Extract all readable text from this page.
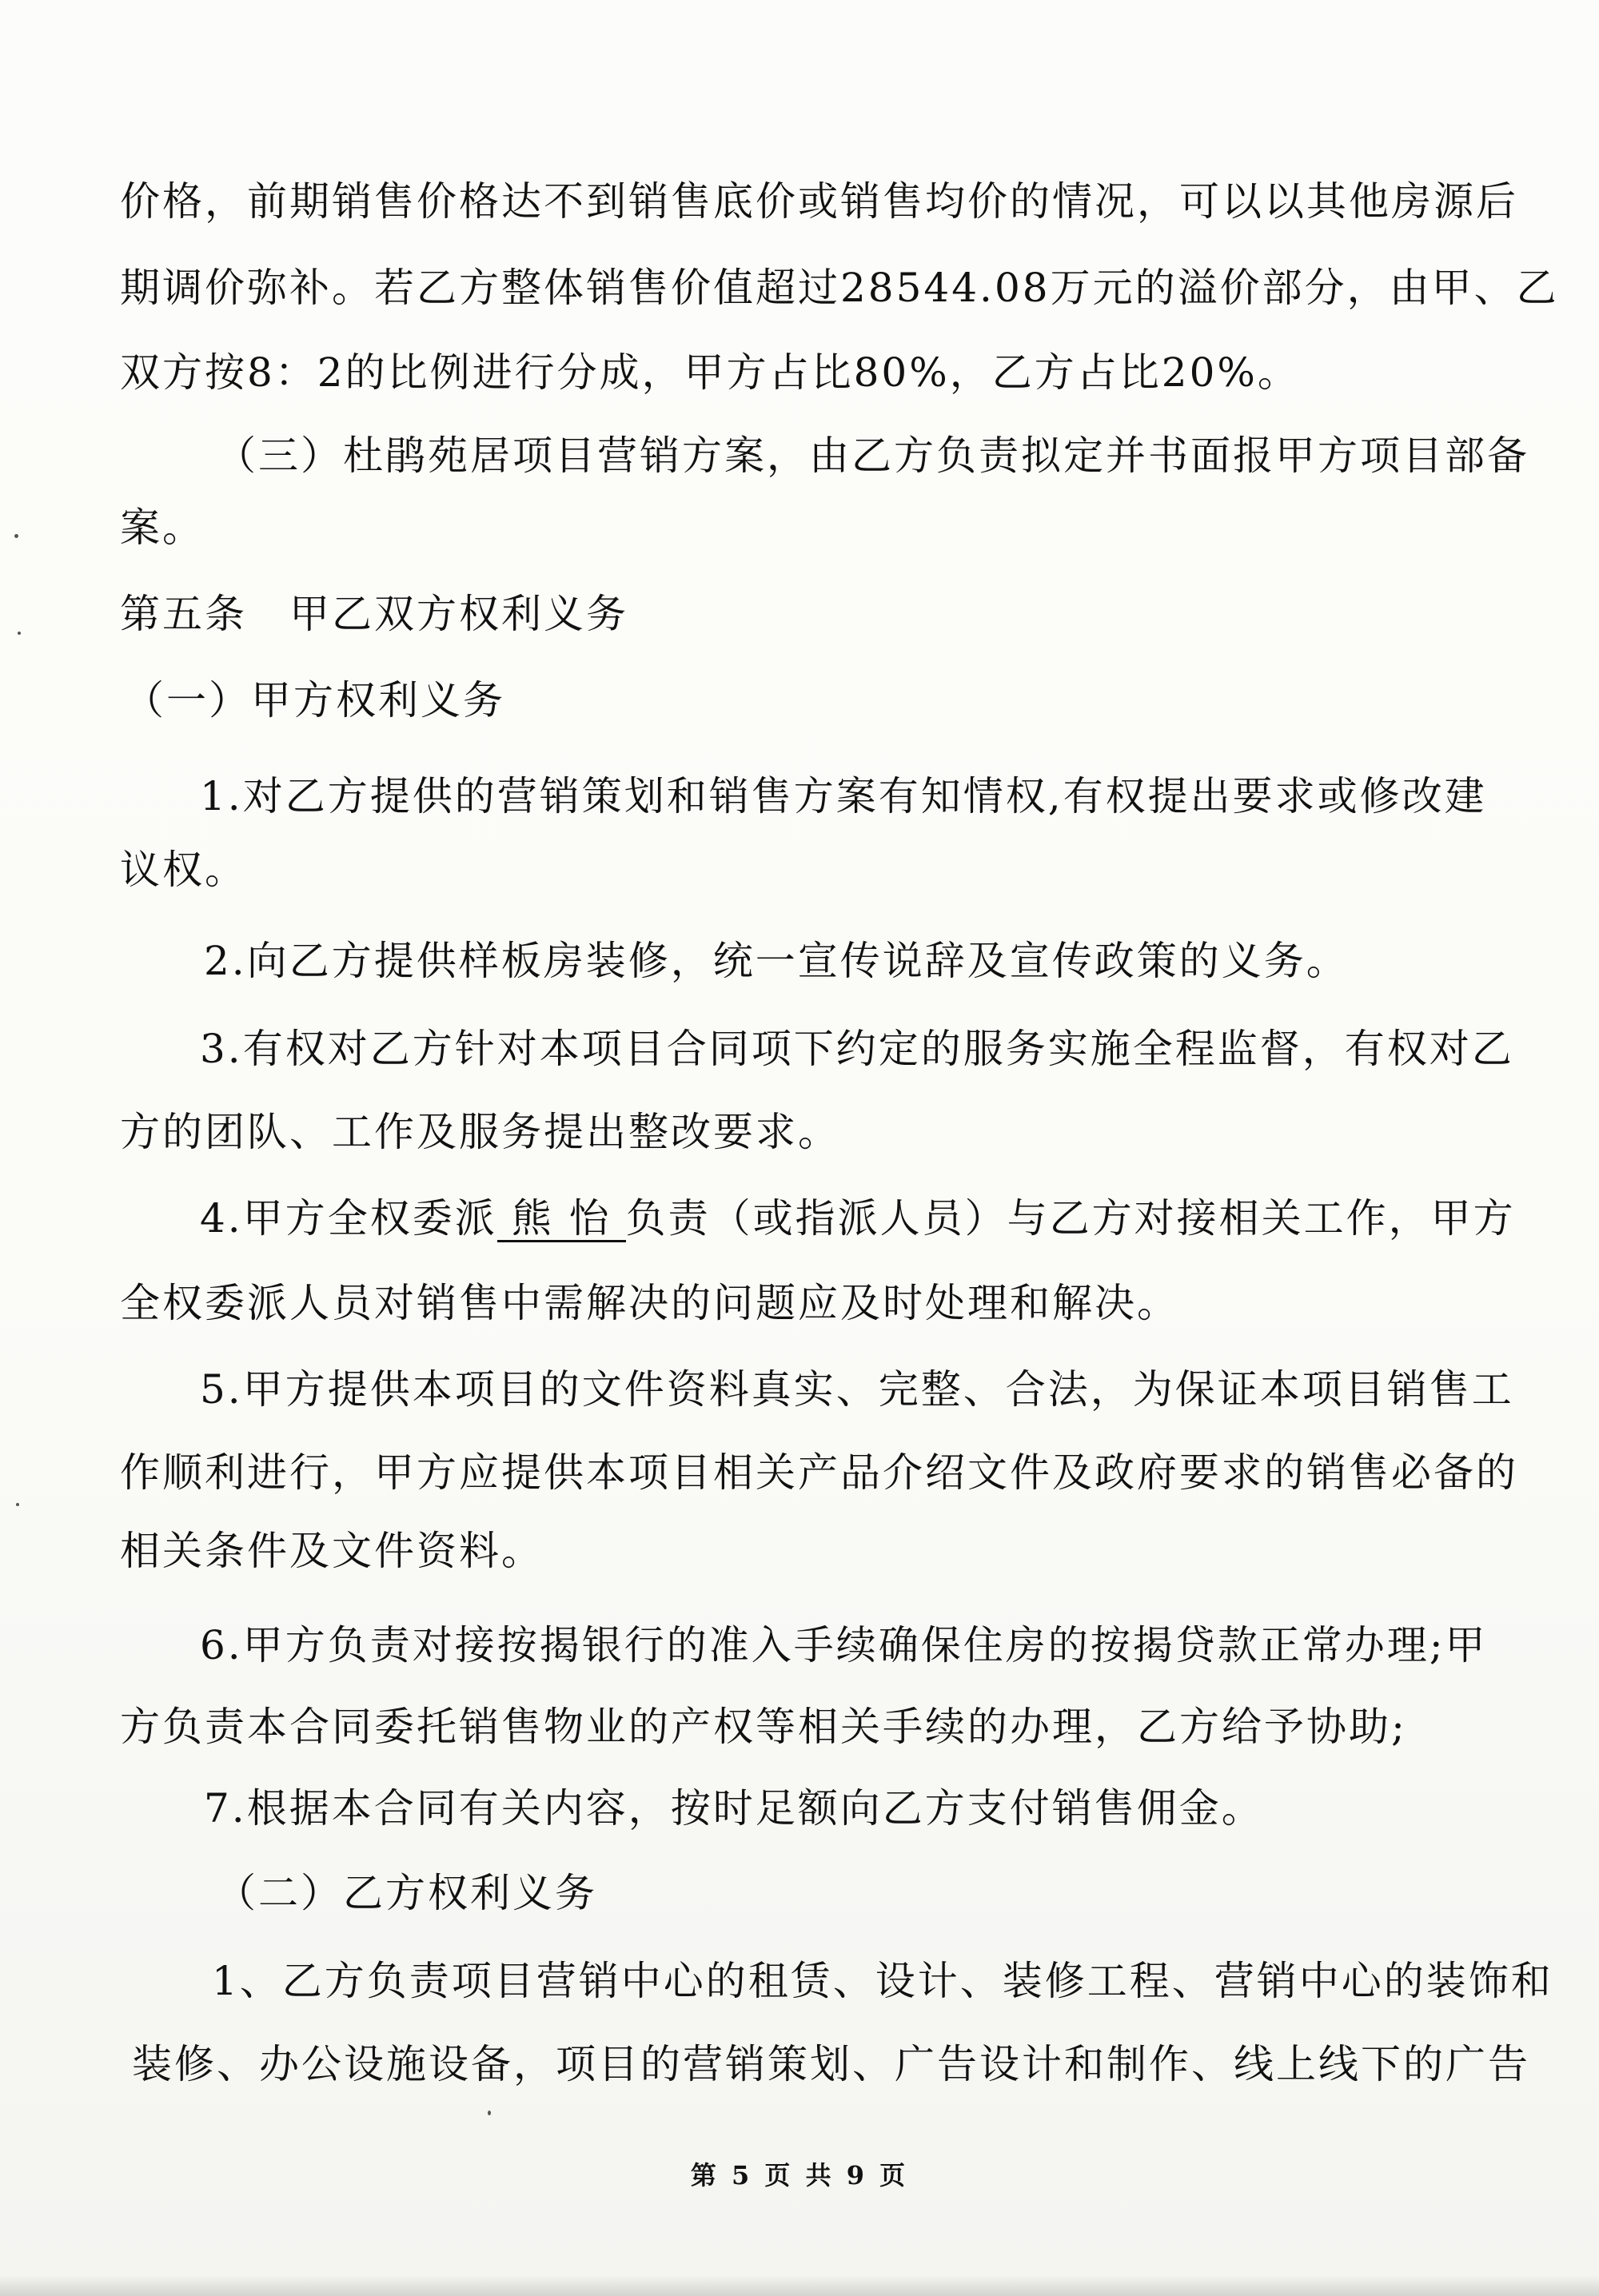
价格，前期销售价格达不到销售底价或销售均价的情况，可以以其他房源后
期调价弥补。若乙方整体销售价值超过28544.08万元的溢价部分，由甲、乙
双方按8：2的比例进行分成，甲方占比80%，乙方占比20%。
（三）杜鹃苑居项目营销方案，由乙方负责拟定并书面报甲方项目部备
案。
第五条　甲乙双方权利义务
（一）甲方权利义务
1.对乙方提供的营销策划和销售方案有知情权,有权提出要求或修改建
议权。
2.向乙方提供样板房装修，统一宣传说辞及宣传政策的义务。
3.有权对乙方针对本项目合同项下约定的服务实施全程监督，有权对乙
方的团队、工作及服务提出整改要求。
4.甲方全权委派 熊 怡 负责（或指派人员）与乙方对接相关工作，甲方
全权委派人员对销售中需解决的问题应及时处理和解决。
5.甲方提供本项目的文件资料真实、完整、合法，为保证本项目销售工
作顺利进行，甲方应提供本项目相关产品介绍文件及政府要求的销售必备的
相关条件及文件资料。
6.甲方负责对接按揭银行的准入手续确保住房的按揭贷款正常办理;甲
方负责本合同委托销售物业的产权等相关手续的办理，乙方给予协助;
7.根据本合同有关内容，按时足额向乙方支付销售佣金。
（二）乙方权利义务
1、乙方负责项目营销中心的租赁、设计、装修工程、营销中心的装饰和
装修、办公设施设备，项目的营销策划、广告设计和制作、线上线下的广告
第 5 页 共 9 页
